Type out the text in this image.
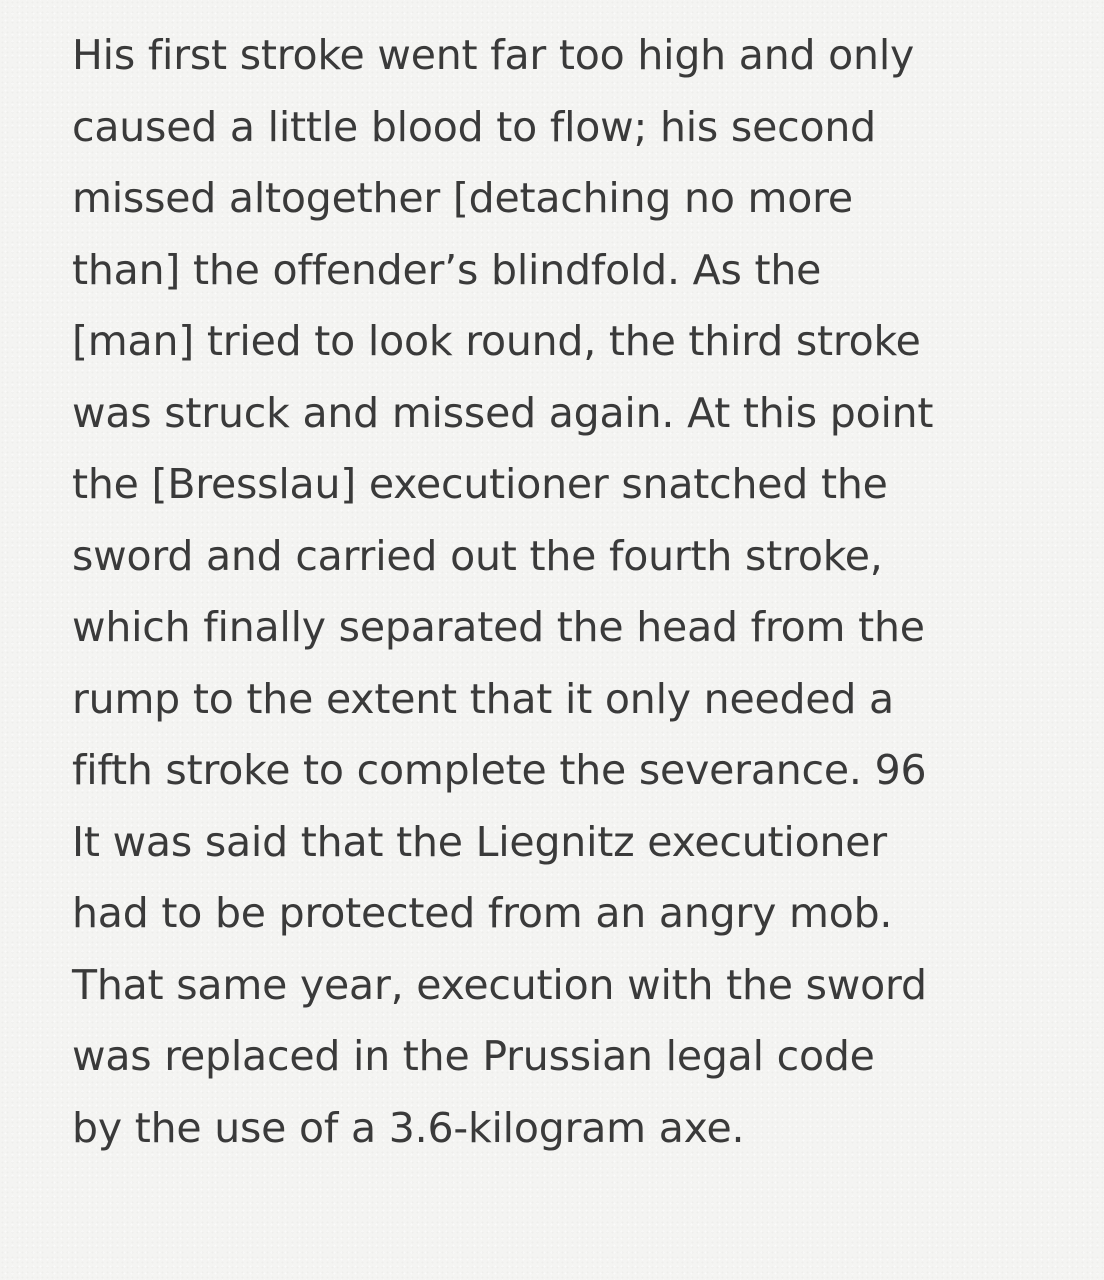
His first stroke went far too high and only
caused a little blood to flow; his second
missed altogether [detaching no more
than] the offender’s blindfold. As the
[man] tried to look round, the third stroke
was struck and missed again. At this point
the [Bresslau] executioner snatched the
sword and carried out the fourth stroke,
which finally separated the head from the
rump to the extent that it only needed a
fifth stroke to complete the severance. 96
It was said that the Liegnitz executioner
had to be protected from an angry mob.
That same year, execution with the sword
was replaced in the Prussian legal code
by the use of a 3.6-kilogram axe.
